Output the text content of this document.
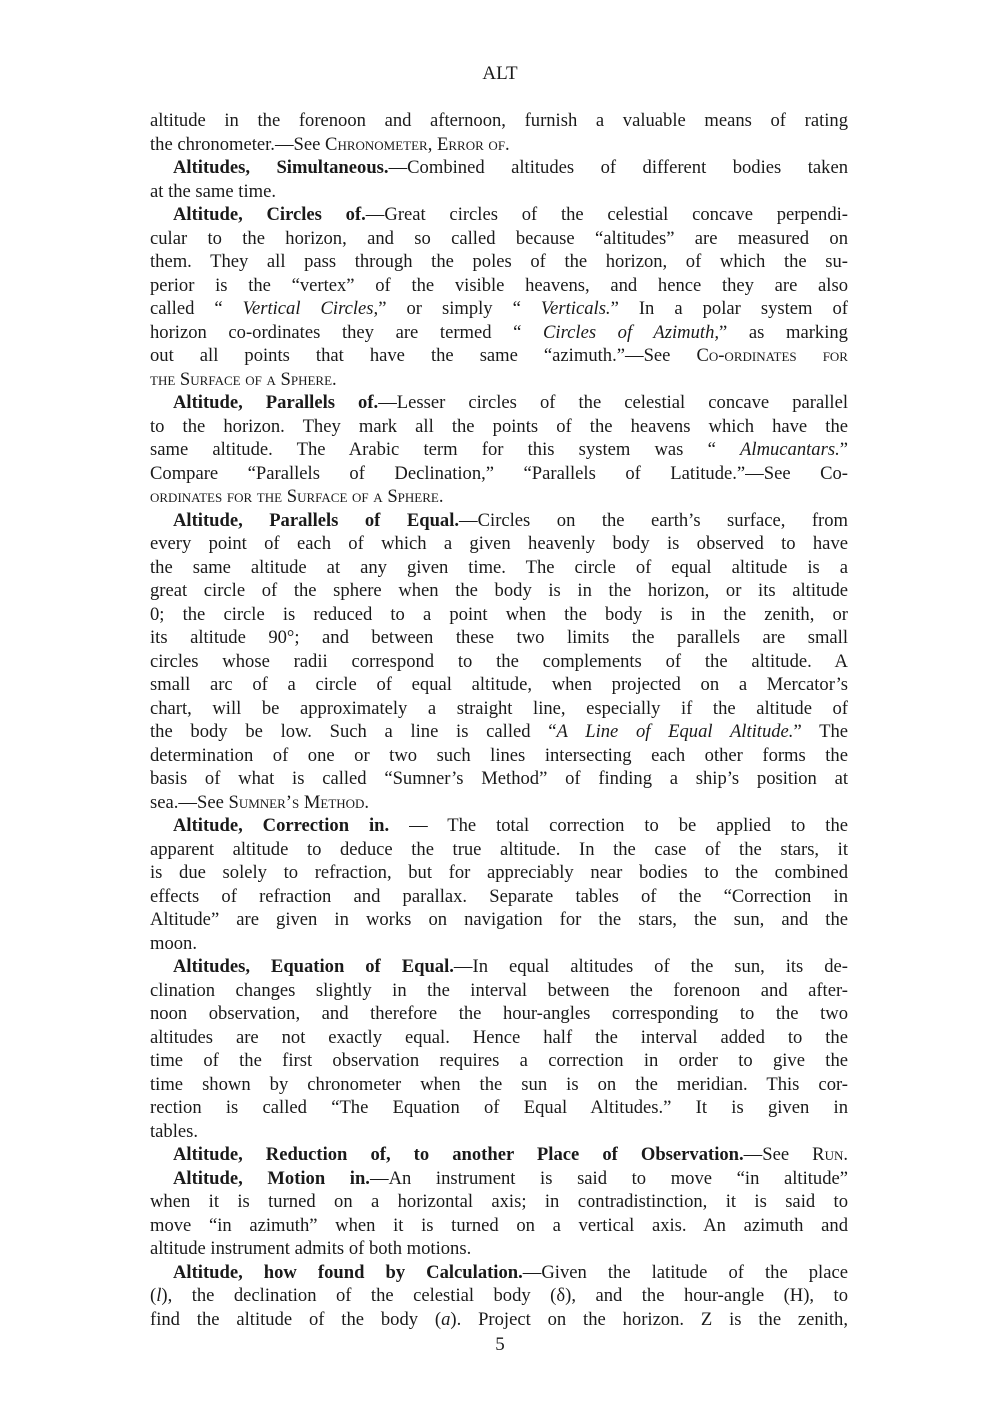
ALT
altitude in the forenoon and afternoon, furnish a valuable means of rating
the chronometer.—See Chronometer, Error of.
Altitudes, Simultaneous.—Combined altitudes of different bodies taken
at the same time.
Altitude, Circles of.—Great circles of the celestial concave perpendi-
cular to the horizon, and so called because “altitudes” are measured on
them. They all pass through the poles of the horizon, of which the su-
perior is the “vertex” of the visible heavens, and hence they are also
called “ Vertical Circles,” or simply “ Verticals.” In a polar system of
horizon co-ordinates they are termed “ Circles of Azimuth,” as marking
out all points that have the same “azimuth.”—See Co-ordinates for
the Surface of a Sphere.
Altitude, Parallels of.—Lesser circles of the celestial concave parallel
to the horizon. They mark all the points of the heavens which have the
same altitude. The Arabic term for this system was “ Almucantars.”
Compare “Parallels of Declination,” “Parallels of Latitude.”—See Co-
ordinates for the Surface of a Sphere.
Altitude, Parallels of Equal.—Circles on the earth’s surface, from
every point of each of which a given heavenly body is observed to have
the same altitude at any given time. The circle of equal altitude is a
great circle of the sphere when the body is in the horizon, or its altitude
0; the circle is reduced to a point when the body is in the zenith, or
its altitude 90°; and between these two limits the parallels are small
circles whose radii correspond to the complements of the altitude. A
small arc of a circle of equal altitude, when projected on a Mercator’s
chart, will be approximately a straight line, especially if the altitude of
the body be low. Such a line is called “A Line of Equal Altitude.” The
determination of one or two such lines intersecting each other forms the
basis of what is called “Sumner’s Method” of finding a ship’s position at
sea.—See Sumner’s Method.
Altitude, Correction in. — The total correction to be applied to the
apparent altitude to deduce the true altitude. In the case of the stars, it
is due solely to refraction, but for appreciably near bodies to the combined
effects of refraction and parallax. Separate tables of the “Correction in
Altitude” are given in works on navigation for the stars, the sun, and the
moon.
Altitudes, Equation of Equal.—In equal altitudes of the sun, its de-
clination changes slightly in the interval between the forenoon and after-
noon observation, and therefore the hour-angles corresponding to the two
altitudes are not exactly equal. Hence half the interval added to the
time of the first observation requires a correction in order to give the
time shown by chronometer when the sun is on the meridian. This cor-
rection is called “The Equation of Equal Altitudes.” It is given in
tables.
Altitude, Reduction of, to another Place of Observation.—See Run.
Altitude, Motion in.—An instrument is said to move “in altitude”
when it is turned on a horizontal axis; in contradistinction, it is said to
move “in azimuth” when it is turned on a vertical axis. An azimuth and
altitude instrument admits of both motions.
Altitude, how found by Calculation.—Given the latitude of the place
(l), the declination of the celestial body (δ), and the hour-angle (H), to
find the altitude of the body (a). Project on the horizon. Z is the zenith,
5
